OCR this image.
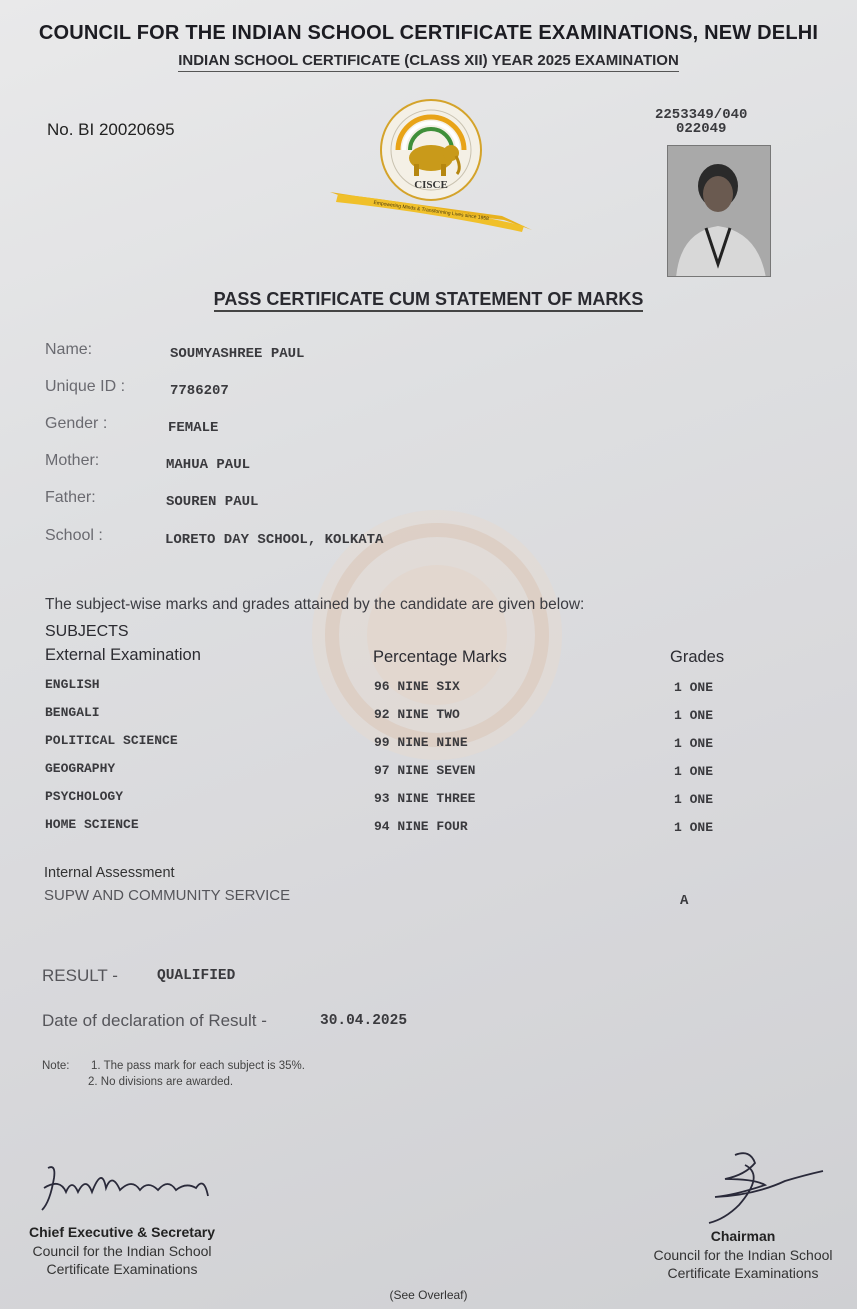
COUNCIL FOR THE INDIAN SCHOOL CERTIFICATE EXAMINATIONS, NEW DELHI
INDIAN SCHOOL CERTIFICATE (CLASS XII) YEAR 2025 EXAMINATION
No. BI 20020695
2253349/040
022049
CISCE
Empowering Minds & Transforming Lives since 1958
PASS CERTIFICATE CUM STATEMENT OF MARKS
Name:	SOUMYASHREE PAUL
Unique ID :	7786207
Gender :	FEMALE
Mother:	MAHUA PAUL
Father:	SOUREN PAUL
School :	LORETO DAY SCHOOL, KOLKATA
The subject-wise marks and grades attained by the candidate are given below:
SUBJECTS
External Examination	Percentage Marks	Grades
ENGLISH	96 NINE SIX	1 ONE
BENGALI	92 NINE TWO	1 ONE
POLITICAL SCIENCE	99 NINE NINE	1 ONE
GEOGRAPHY	97 NINE SEVEN	1 ONE
PSYCHOLOGY	93 NINE THREE	1 ONE
HOME SCIENCE	94 NINE FOUR	1 ONE
Internal Assessment
SUPW AND COMMUNITY SERVICE	A
RESULT -	QUALIFIED
Date of declaration of Result -	30.04.2025
Note: 1. The pass mark for each subject is 35%.
2. No divisions are awarded.
Chief Executive & Secretary
Council for the Indian School
Certificate Examinations
Chairman
Council for the Indian School
Certificate Examinations
(See Overleaf)
